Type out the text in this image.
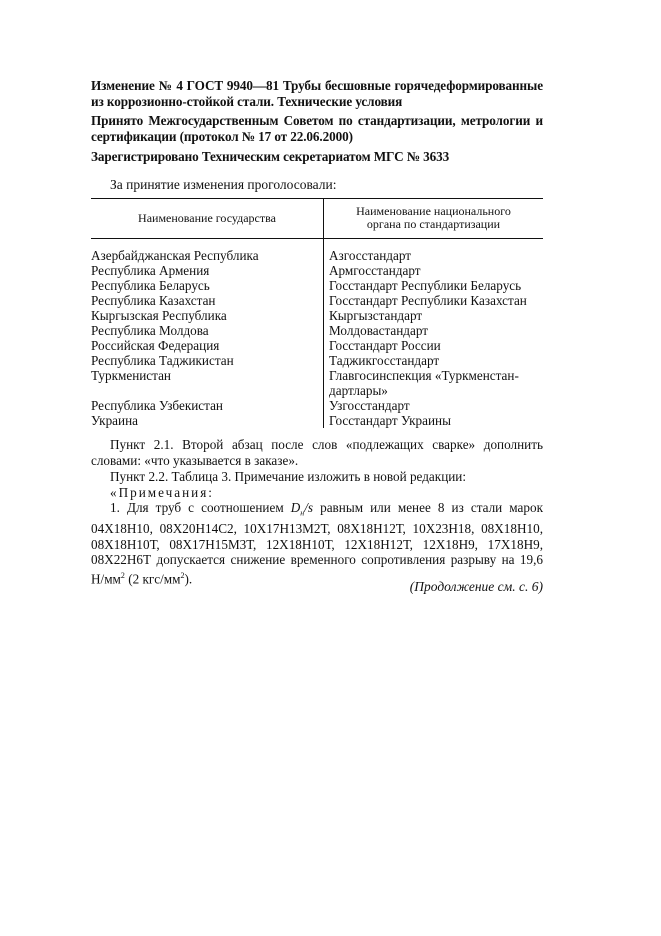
Изменение № 4 ГОСТ 9940—81 Трубы бесшовные горячедеформированные из коррозионно-стойкой стали. Технические условия
Принято Межгосударственным Советом по стандартизации, метрологии и сертификации (протокол № 17 от 22.06.2000)
Зарегистрировано Техническим секретариатом МГС № 3633
За принятие изменения проголосовали:
Наименование государства	Наименование национального органа по стандартизации
Азербайджанская Республика	Азгосстандарт
Республика Армения	Армгосстандарт
Республика Беларусь	Госстандарт Республики Беларусь
Республика Казахстан	Госстандарт Республики Казахстан
Кыргызская Республика	Кыргызстандарт
Республика Молдова	Молдовастандарт
Российская Федерация	Госстандарт России
Республика Таджикистан	Таджикгосстандарт
Туркменистан	Главгосинспекция «Туркменстандартлары»
Республика Узбекистан	Узгосстандарт
Украина	Госстандарт Украины
Пункт 2.1. Второй абзац после слов «подлежащих сварке» дополнить словами: «что указывается в заказе».
Пункт 2.2. Таблица 3. Примечание изложить в новой редакции:
«Примечания:
1. Для труб с соотношением $D_н/s$ равным или менее 8 из стали марок 04Х18Н10, 08Х20Н14С2, 10Х17Н13М2Т, 08Х18Н12Т, 10Х23Н18, 08Х18Н10, 08Х18Н10Т, 08Х17Н15М3Т, 12Х18Н10Т, 12Х18Н12Т, 12Х18Н9, 17Х18Н9, 08Х22Н6Т допускается снижение временного сопротивления разрыву на 19,6 $Н/мм^2$ (2 кгс/$мм^2$).
(Продолжение см. с. 6)
